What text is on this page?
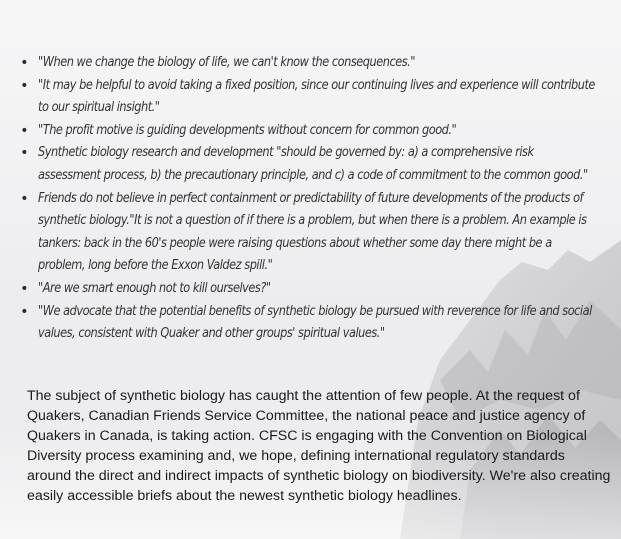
• "When we change the biology of life, we can't know the consequences."
• "It may be helpful to avoid taking a fixed position, since our continuing lives and experience will contribute to our spiritual insight."
• "The profit motive is guiding developments without concern for common good."
• Synthetic biology research and development "should be governed by: a) a comprehensive risk assessment process, b) the precautionary principle, and c) a code of commitment to the common good."
• Friends do not believe in perfect containment or predictability of future developments of the products of synthetic biology."It is not a question of if there is a problem, but when there is a problem. An example is tankers: back in the 60's people were raising questions about whether some day there might be a problem, long before the Exxon Valdez spill."
• "Are we smart enough not to kill ourselves?"
• "We advocate that the potential benefits of synthetic biology be pursued with reverence for life and social values, consistent with Quaker and other groups' spiritual values."

The subject of synthetic biology has caught the attention of few people. At the request of Quakers, Canadian Friends Service Committee, the national peace and justice agency of Quakers in Canada, is taking action. CFSC is engaging with the Convention on Biological Diversity process examining and, we hope, defining international regulatory standards around the direct and indirect impacts of synthetic biology on biodiversity. We're also creating easily accessible briefs about the newest synthetic biology headlines.
